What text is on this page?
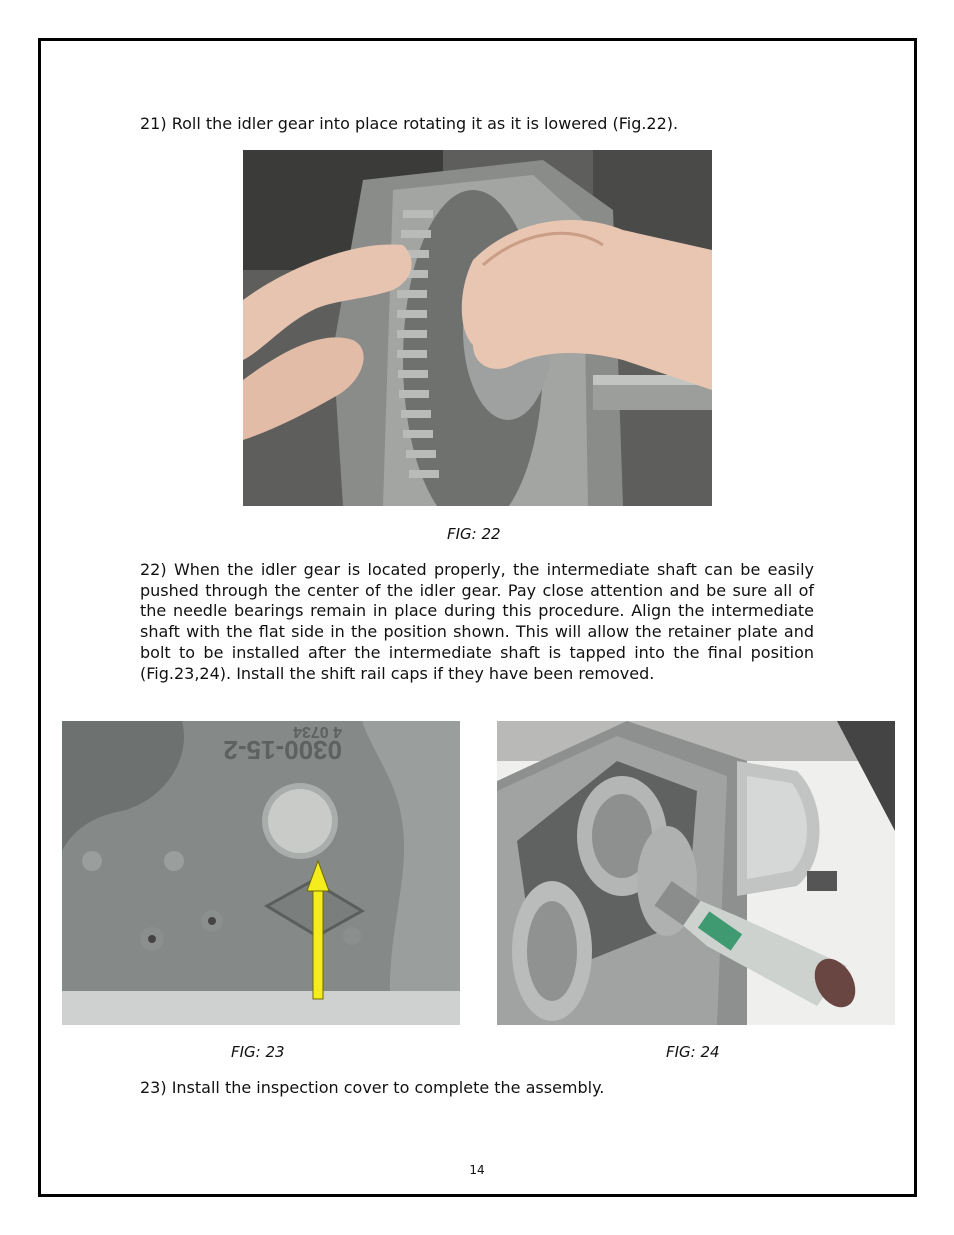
21) Roll the idler gear into place rotating it as it is lowered (Fig.22).

FIG: 22

22) When the idler gear is located properly, the intermediate shaft can be easily pushed through the center of the idler gear. Pay close attention and be sure all of the needle bearings remain in place during this procedure. Align the intermediate shaft with the flat side in the position shown. This will allow the retainer plate and bolt to be installed after the intermediate shaft is tapped into the final position (Fig.23,24). Install the shift rail caps if they have been removed.

0300-15-2
4 0734

FIG: 23	FIG: 24

23) Install the inspection cover to complete the assembly.

14
